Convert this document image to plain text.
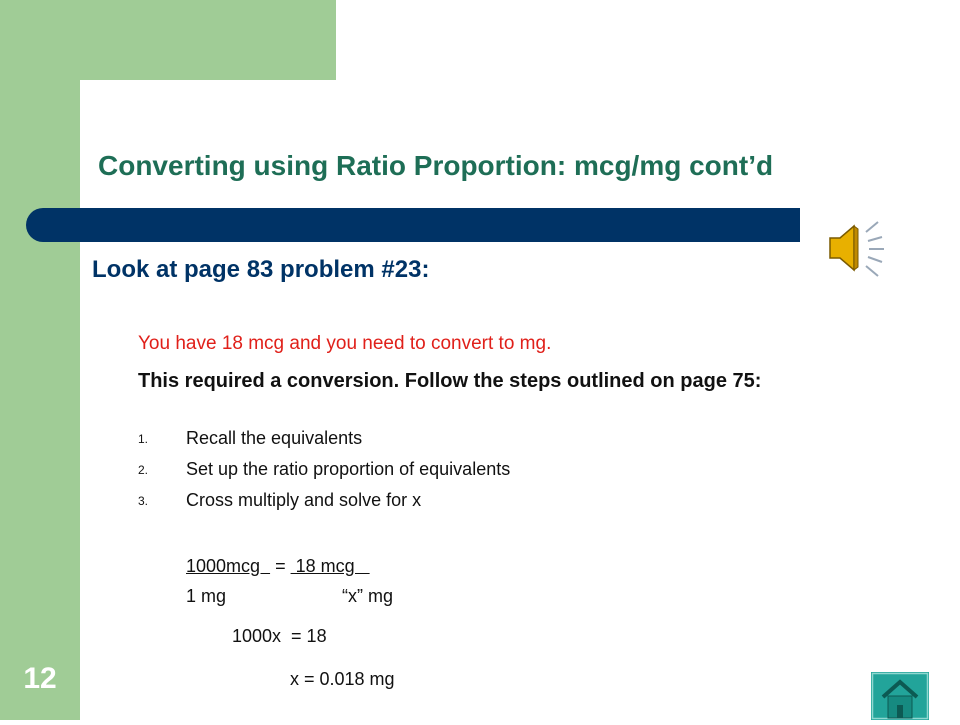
12
Converting using Ratio Proportion: mcg/mg cont’d
Look at page 83 problem #23:
You have 18 mcg and you need to convert to mg.
This required a conversion. Follow the steps outlined on page 75:
1. Recall the equivalents
2. Set up the ratio proportion of equivalents
3. Cross multiply and solve for x
1000mcg   =  18 mcg
1 mg	“x” mg
1000x  = 18
x = 0.018 mg
